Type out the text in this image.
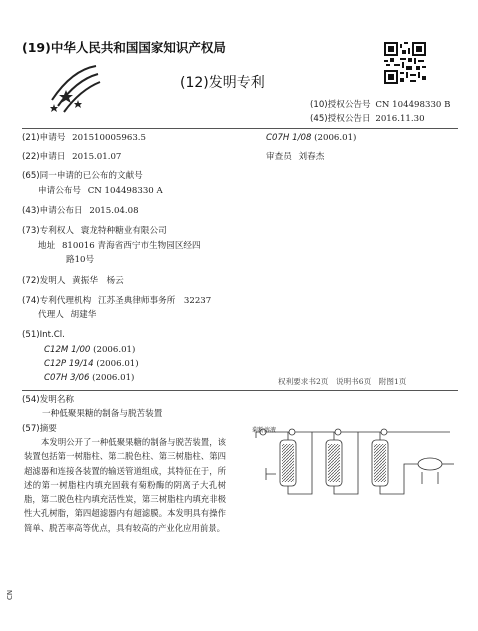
(19)中华人民共和国国家知识产权局
(12)发明专利
(10)授权公告号 CN 104498330 B
(45)授权公告日 2016.11.30
(21)申请号 201510005963.5
(22)申请日 2015.01.07
(65)同一申请的已公布的文献号
申请公布号 CN 104498330 A
(43)申请公布日 2015.04.08
(73)专利权人 寰龙特种糖业有限公司
地址 810016 青海省西宁市生物园区经四
路10号
(72)发明人 黄振华　杨云
(74)专利代理机构 江苏圣典律师事务所　32237
代理人 胡建华
(51)Int.Cl.
C12M 1/00 (2006.01)
C12P 19/14 (2006.01)
C07H 3/06 (2006.01)
C07H 1/08 (2006.01)
审查员 刘春杰
权利要求书2页　说明书6页　附图1页
(54)发明名称
一种低聚果糖的制备与脱苦装置
(57)摘要
本发明公开了一种低聚果糖的制备与脱苦装置，该装置包括第一树脂柱、第二脱色柱、第三树脂柱、第四超滤器和连接各装置的输送管道组成，其特征在于，所述的第一树脂柱内填充固载有菊粉酶的阴离子大孔树脂，第二脱色柱内填充活性炭，第三树脂柱内填充非极性大孔树脂，第四超滤器内有超滤膜。本发明具有操作简单、脱苦率高等优点，具有较高的产业化应用前景。
菊粉溶液
CN
